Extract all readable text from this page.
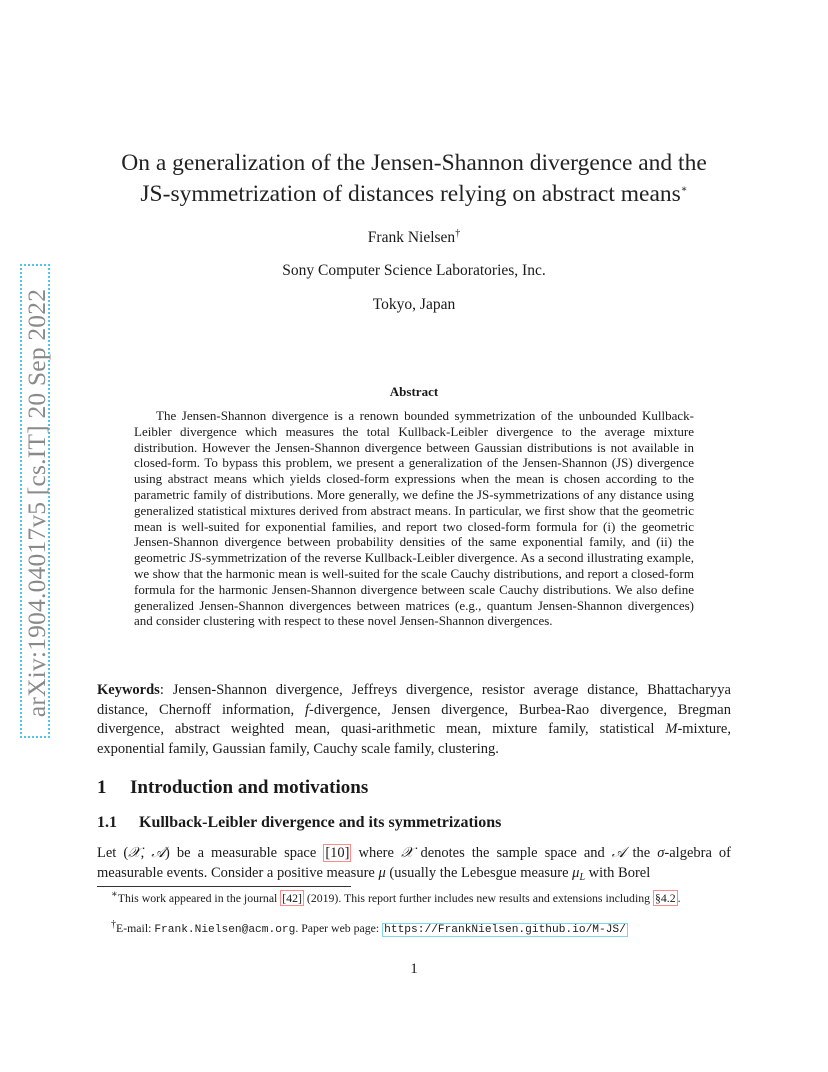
arXiv:1904.04017v5 [cs.IT] 20 Sep 2022
On a generalization of the Jensen-Shannon divergence and the
JS-symmetrization of distances relying on abstract means∗
Frank Nielsen†
Sony Computer Science Laboratories, Inc.
Tokyo, Japan
Abstract

The Jensen-Shannon divergence is a renown bounded symmetrization of the unbounded Kullback-Leibler divergence which measures the total Kullback-Leibler divergence to the average mixture distribution. However the Jensen-Shannon divergence between Gaussian distributions is not available in closed-form. To bypass this problem, we present a generalization of the Jensen-Shannon (JS) divergence using abstract means which yields closed-form expressions when the mean is chosen according to the parametric family of distributions. More generally, we define the JS-symmetrizations of any distance using generalized statistical mixtures derived from abstract means. In particular, we first show that the geometric mean is well-suited for exponential families, and report two closed-form formula for (i) the geometric Jensen-Shannon divergence between probability densities of the same exponential family, and (ii) the geometric JS-symmetrization of the reverse Kullback-Leibler divergence. As a second illustrating example, we show that the harmonic mean is well-suited for the scale Cauchy distributions, and report a closed-form formula for the harmonic Jensen-Shannon divergence between scale Cauchy distributions. We also define generalized Jensen-Shannon divergences between matrices (e.g., quantum Jensen-Shannon divergences) and consider clustering with respect to these novel Jensen-Shannon divergences.

Keywords: Jensen-Shannon divergence, Jeffreys divergence, resistor average distance, Bhattacharyya distance, Chernoff information, f-divergence, Jensen divergence, Burbea-Rao divergence, Bregman divergence, abstract weighted mean, quasi-arithmetic mean, mixture family, statistical M-mixture, exponential family, Gaussian family, Cauchy scale family, clustering.

1 Introduction and motivations
1.1 Kullback-Leibler divergence and its symmetrizations

Let (𝒳, 𝒜) be a measurable space [10] where 𝒳 denotes the sample space and 𝒜 the σ-algebra of measurable events. Consider a positive measure μ (usually the Lebesgue measure $\mu_L$ with Borel

∗This work appeared in the journal [42] (2019). This report further includes new results and extensions including §4.2 .

†E-mail: Frank.Nielsen@acm.org. Paper web page: https://FrankNielsen.github.io/M-JS/

1
